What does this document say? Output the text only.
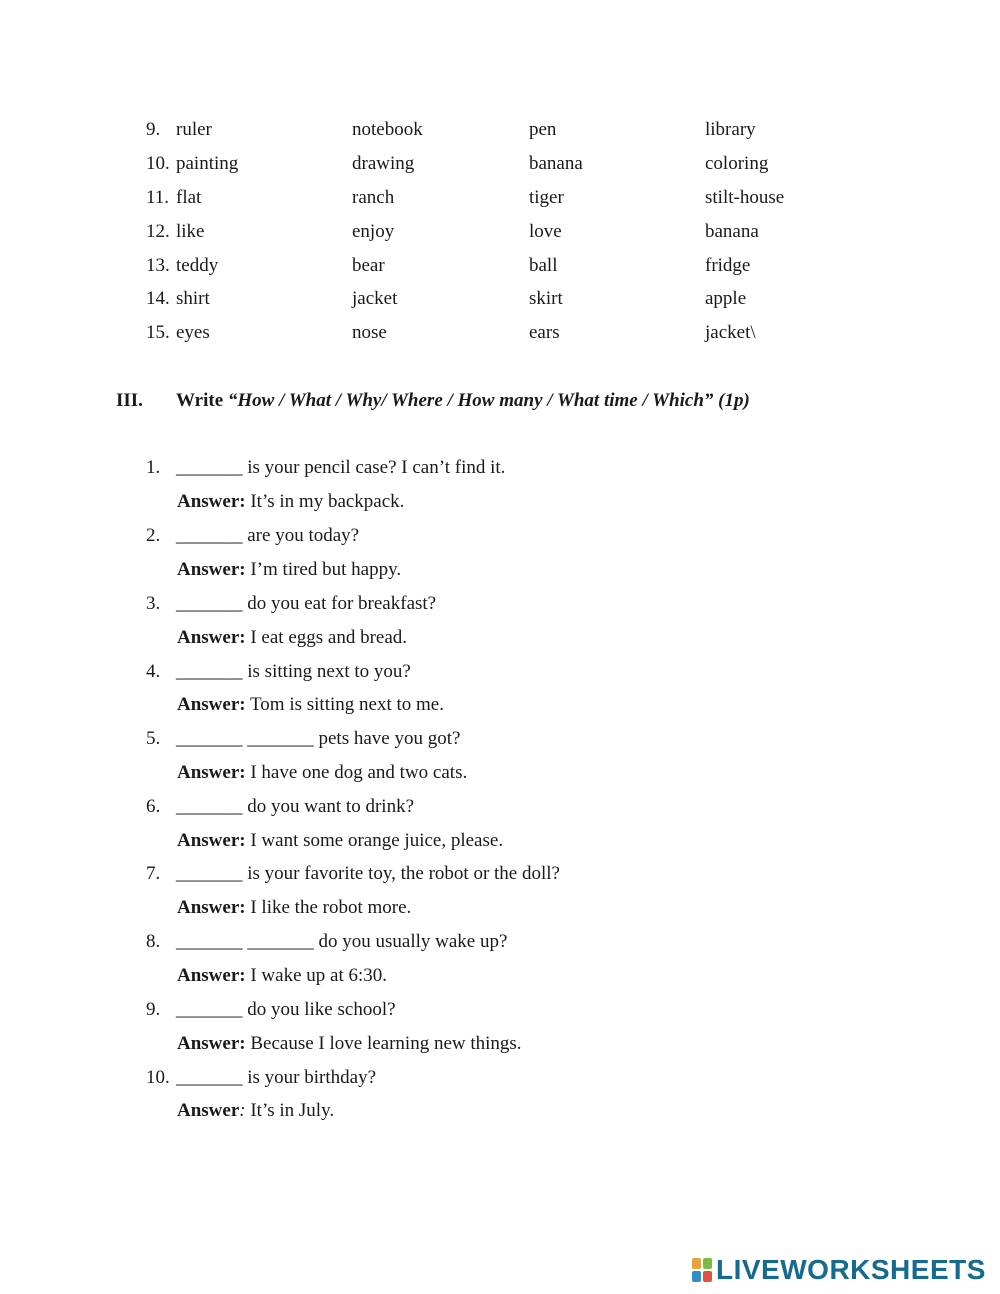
9. ruler	notebook	pen	library
10. painting	drawing	banana	coloring
11. flat	ranch	tiger	stilt-house
12. like	enjoy	love	banana
13. teddy	bear	ball	fridge
14. shirt	jacket	skirt	apple
15. eyes	nose	ears	jacket\
III. Write “How / What / Why/ Where / How many / What time / Which” (1p)
1. _______ is your pencil case? I can’t find it.
Answer: It’s in my backpack.
2. _______ are you today?
Answer: I’m tired but happy.
3. _______ do you eat for breakfast?
Answer: I eat eggs and bread.
4. _______ is sitting next to you?
Answer: Tom is sitting next to me.
5. _______ _______ pets have you got?
Answer: I have one dog and two cats.
6. _______ do you want to drink?
Answer: I want some orange juice, please.
7. _______ is your favorite toy, the robot or the doll?
Answer: I like the robot more.
8. _______ _______ do you usually wake up?
Answer: I wake up at 6:30.
9. _______ do you like school?
Answer: Because I love learning new things.
10. _______ is your birthday?
Answer: It’s in July.
LIVEWORKSHEETS
